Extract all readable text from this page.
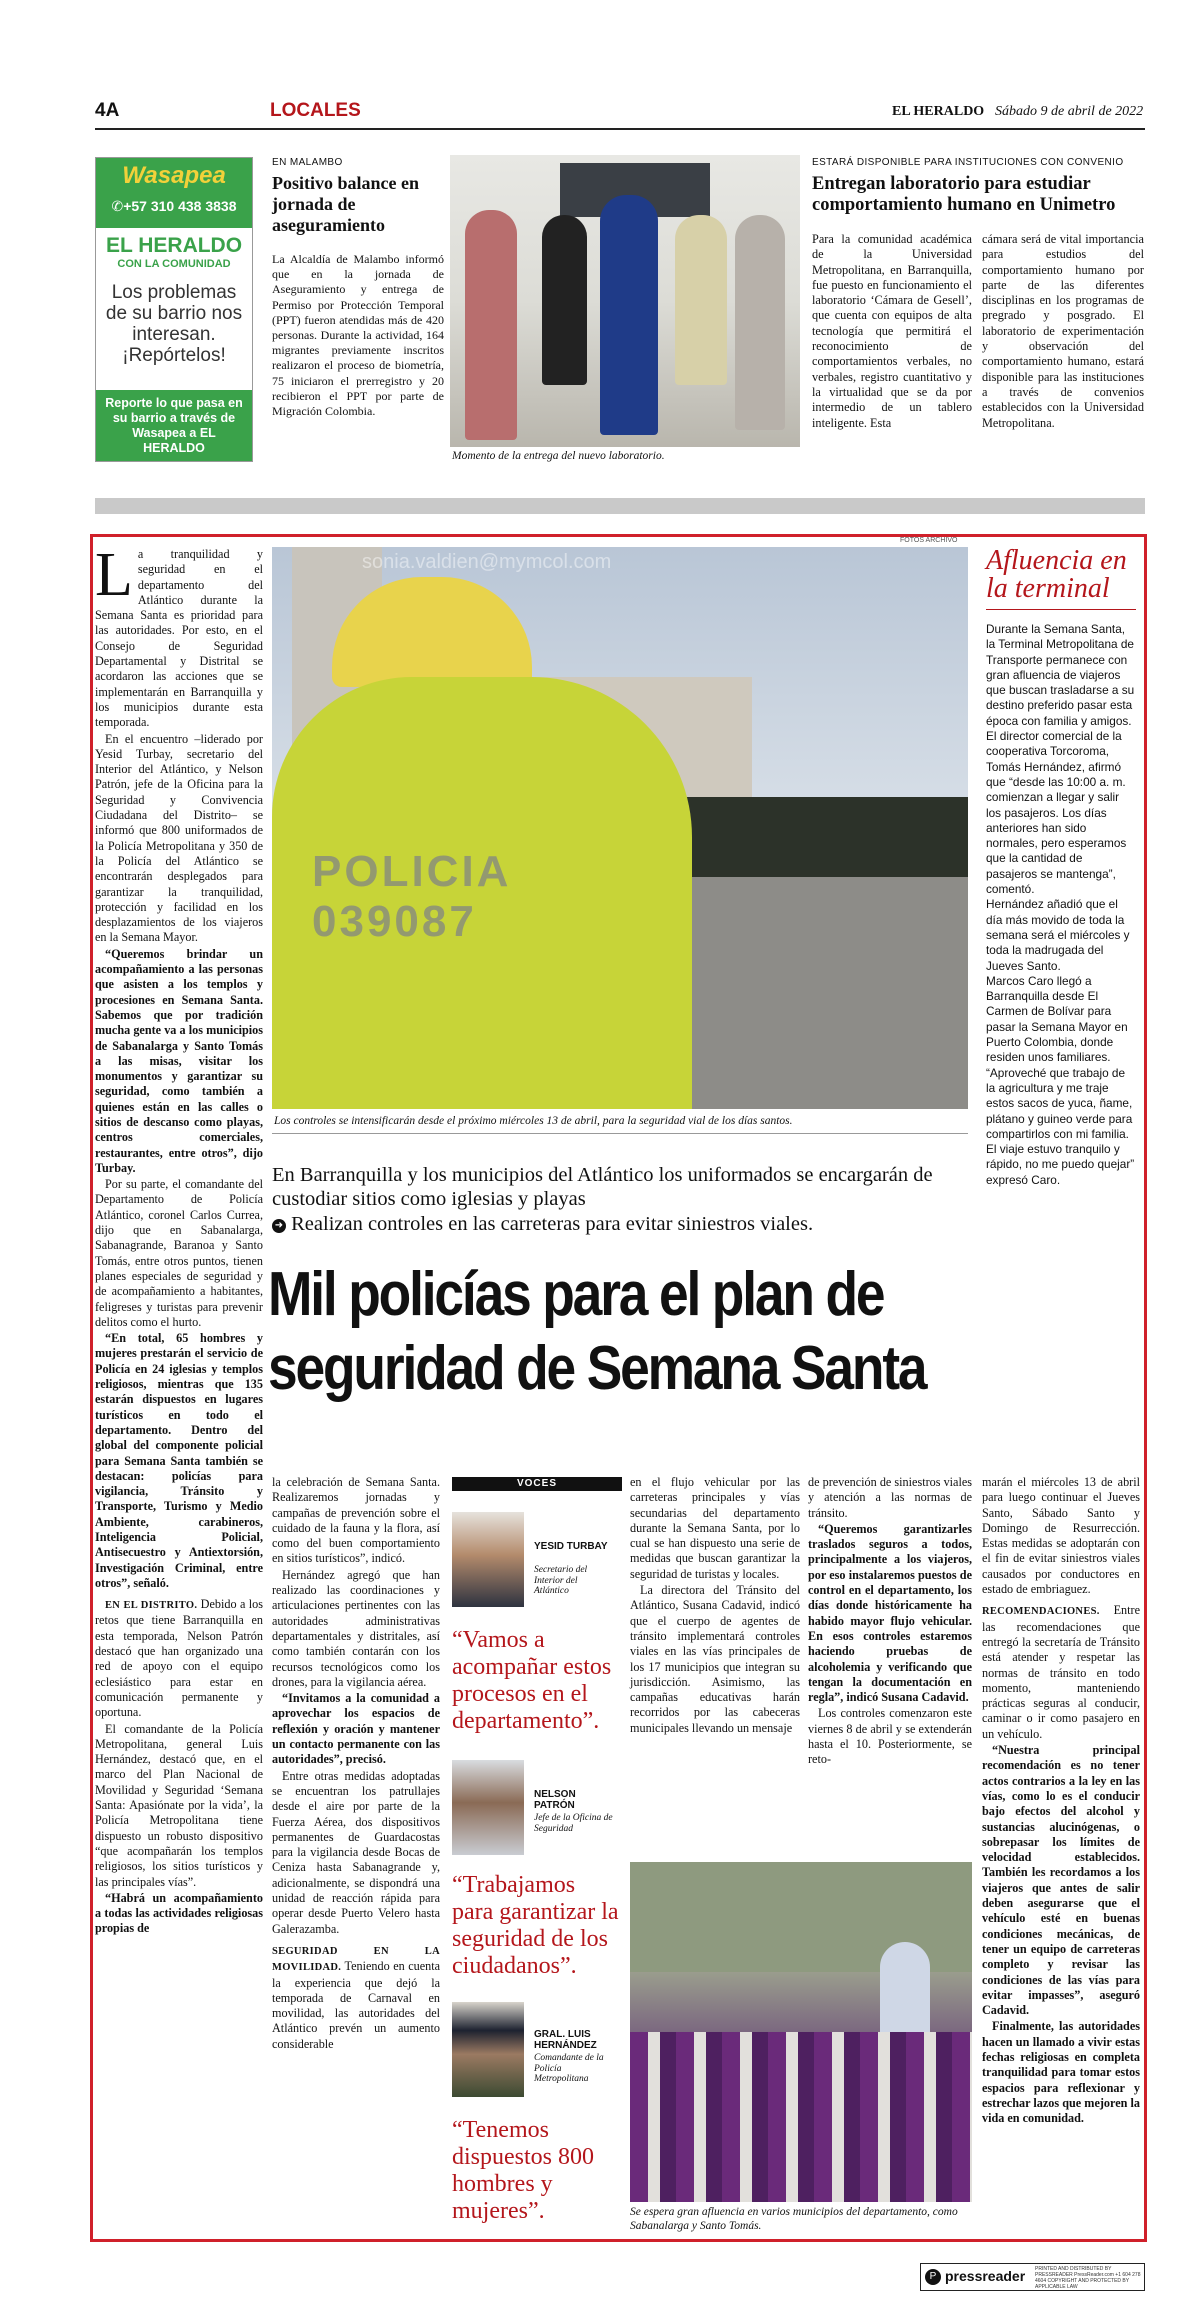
4A	LOCALES	EL HERALDO Sábado 9 de abril de 2022
Wasapea
✆+57 310 438 3838
EL HERALDO
CON LA COMUNIDAD
Los problemas de su barrio nos interesan. ¡Repórtelos!
Reporte lo que pasa en su barrio a través de Wasapea a EL HERALDO
EN MALAMBO
Positivo balance en jornada de aseguramiento
La Alcaldía de Malambo informó que en la jornada de Aseguramiento y entrega de Permiso por Protección Temporal (PPT) fueron atendidas más de 420 personas. Durante la actividad, 164 migrantes previamente inscritos realizaron el proceso de biometría, 75 iniciaron el prerregistro y 20 recibieron el PPT por parte de Migración Colombia.
Momento de la entrega del nuevo laboratorio.
ESTARÁ DISPONIBLE PARA INSTITUCIONES CON CONVENIO
Entregan laboratorio para estudiar comportamiento humano en Unimetro
Para la comunidad académica de la Universidad Metropolitana, en Barranquilla, fue puesto en funcionamiento el laboratorio ‘Cámara de Gesell’, que cuenta con equipos de alta tecnología que permitirá el reconocimiento de comportamientos verbales, no verbales, registro cuantitativo y la virtualidad que se da por intermedio de un tablero inteligente. Esta
cámara será de vital importancia para estudios del comportamiento humano por parte de las diferentes disciplinas en los programas de pregrado y posgrado. El laboratorio de experimentación y observación del comportamiento humano, estará disponible para las instituciones a través de convenios establecidos con la Universidad Metropolitana.
POLICIA 039087
sonia.valdien@mymcol.com
FOTOS ARCHIVO
Los controles se intensificarán desde el próximo miércoles 13 de abril, para la seguridad vial de los días santos.
En Barranquilla y los municipios del Atlántico los uniformados se encargarán de custodiar sitios como iglesias y playas
➜ Realizan controles en las carreteras para evitar siniestros viales.
Mil policías para el plan de
seguridad de Semana Santa
L a tranquilidad y seguridad en el departamento del Atlántico durante la Semana Santa es prioridad para las autoridades. Por esto, en el Consejo de Seguridad Departamental y Distrital se acordaron las acciones que se implementarán en Barranquilla y los municipios durante esta temporada.

En el encuentro –liderado por Yesid Turbay, secretario del Interior del Atlántico, y Nelson Patrón, jefe de la Oficina para la Seguridad y Convivencia Ciudadana del Distrito– se informó que 800 uniformados de la Policía Metropolitana y 350 de la Policía del Atlántico se encontrarán desplegados para garantizar la tranquilidad, protección y facilidad en los desplazamientos de los viajeros en la Semana Mayor.

“Queremos brindar un acompañamiento a las personas que asisten a los templos y procesiones en Semana Santa. Sabemos que por tradición mucha gente va a los municipios de Sabanalarga y Santo Tomás a las misas, visitar los monumentos y garantizar su seguridad, como también a quienes están en las calles o sitios de descanso como playas, centros comerciales, restaurantes, entre otros”, dijo Turbay.

Por su parte, el comandante del Departamento de Policía Atlántico, coronel Carlos Currea, dijo que en Sabanalarga, Sabanagrande, Baranoa y Santo Tomás, entre otros puntos, tienen planes especiales de seguridad y de acompañamiento a habitantes, feligreses y turistas para prevenir delitos como el hurto.

“En total, 65 hombres y mujeres prestarán el servicio de Policía en 24 iglesias y templos religiosos, mientras que 135 estarán dispuestos en lugares turísticos en todo el departamento. Dentro del global del componente policial para Semana Santa también se destacan: policías para vigilancia, Tránsito y Transporte, Turismo y Medio Ambiente, carabineros, Inteligencia Policial, Antisecuestro y Antiextorsión, Investigación Criminal, entre otros”, señaló.

EN EL DISTRITO. Debido a los retos que tiene Barranquilla en esta temporada, Nelson Patrón destacó que han organizado una red de apoyo con el equipo eclesiástico para estar en comunicación permanente y oportuna.

El comandante de la Policía Metropolitana, general Luis Hernández, destacó que, en el marco del Plan Nacional de Movilidad y Seguridad ‘Semana Santa: Apasiónate por la vida’, la Policía Metropolitana tiene dispuesto un robusto dispositivo “que acompañarán los templos religiosos, los sitios turísticos y las principales vías”.

“Habrá un acompañamiento a todas las actividades religiosas propias de

Afluencia en la terminal

Durante la Semana Santa, la Terminal Metropolitana de Transporte permanece con gran afluencia de viajeros que buscan trasladarse a su destino preferido pasar esta época con familia y amigos.

El director comercial de la cooperativa Torcoroma, Tomás Hernández, afirmó que “desde las 10:00 a. m. comienzan a llegar y salir los pasajeros. Los días anteriores han sido normales, pero esperamos que la cantidad de pasajeros se mantenga”, comentó.

Hernández añadió que el día más movido de toda la semana será el miércoles y toda la madrugada del Jueves Santo.

Marcos Caro llegó a Barranquilla desde El Carmen de Bolívar para pasar la Semana Mayor en Puerto Colombia, donde residen unos familiares.

“Aproveché que trabajo de la agricultura y me traje estos sacos de yuca, ñame, plátano y guineo verde para compartirlos con mi familia. El viaje estuvo tranquilo y rápido, no me puedo quejar” expresó Caro.

la celebración de Semana Santa. Realizaremos jornadas y campañas de prevención sobre el cuidado de la fauna y la flora, así como del buen comportamiento en sitios turísticos”, indicó.

Hernández agregó que han realizado las coordinaciones y articulaciones pertinentes con las autoridades administrativas departamentales y distritales, así como también contarán con los recursos tecnológicos como los drones, para la vigilancia aérea.

“Invitamos a la comunidad a aprovechar los espacios de reflexión y oración y mantener un contacto permanente con las autoridades”, precisó.

Entre otras medidas adoptadas se encuentran los patrullajes desde el aire por parte de la Fuerza Aérea, dos dispositivos permanentes de Guardacostas para la vigilancia desde Bocas de Ceniza hasta Sabanagrande y, adicionalmente, se dispondrá una unidad de reacción rápida para operar desde Puerto Velero hasta Galerazamba.

SEGURIDAD EN LA MOVILIDAD. Teniendo en cuenta la experiencia que dejó la temporada de Carnaval en movilidad, las autoridades del Atlántico prevén un aumento considerable

VOCES
YESID TURBAY
Secretario del Interior del Atlántico
“Vamos a acompañar estos procesos en el departamento”.
NELSON PATRÓN
Jefe de la Oficina de Seguridad
“Trabajamos para garantizar la seguridad de los ciudadanos”.
GRAL. LUIS HERNÁNDEZ
Comandante de la Policía Metropolitana
“Tenemos dispuestos 800 hombres y mujeres”.

en el flujo vehicular por las carreteras principales y vías secundarias del departamento durante la Semana Santa, por lo cual se han dispuesto una serie de medidas que buscan garantizar la seguridad de turistas y locales.

La directora del Tránsito del Atlántico, Susana Cadavid, indicó que el cuerpo de agentes de tránsito implementará controles viales en las vías principales de los 17 municipios que integran su jurisdicción. Asimismo, las campañas educativas harán recorridos por las cabeceras municipales llevando un mensaje

de prevención de siniestros viales y atención a las normas de tránsito.

“Queremos garantizarles traslados seguros a todos, principalmente a los viajeros, por eso instalaremos puestos de control en el departamento, los días donde históricamente ha habido mayor flujo vehicular. En esos controles estaremos haciendo pruebas de alcoholemia y verificando que tengan la documentación en regla”, indicó Susana Cadavid.

Los controles comenzaron este viernes 8 de abril y se extenderán hasta el 10. Posteriormente, se reto-

Se espera gran afluencia en varios municipios del departamento, como Sabanalarga y Santo Tomás.

marán el miércoles 13 de abril para luego continuar el Jueves Santo, Sábado Santo y Domingo de Resurrección. Estas medidas se adoptarán con el fin de evitar siniestros viales causados por conductores en estado de embriaguez.

RECOMENDACIONES. Entre las recomendaciones que entregó la secretaría de Tránsito está atender y respetar las normas de tránsito en todo momento, manteniendo prácticas seguras al conducir, caminar o ir como pasajero en un vehículo.

“Nuestra principal recomendación es no tener actos contrarios a la ley en las vías, como lo es el conducir bajo efectos del alcohol y sustancias alucinógenas, o sobrepasar los límites de velocidad establecidos. También les recordamos a los viajeros que antes de salir deben asegurarse que el vehículo esté en buenas condiciones mecánicas, de tener un equipo de carreteras completo y revisar las condiciones de las vías para evitar impasses”, aseguró Cadavid.

Finalmente, las autoridades hacen un llamado a vivir estas fechas religiosas en completa tranquilidad para tomar estos espacios para reflexionar y estrechar lazos que mejoren la vida en comunidad.

P pressreader PRINTED AND DISTRIBUTED BY PRESSREADER PressReader.com +1 604 278 4604 COPYRIGHT AND PROTECTED BY APPLICABLE LAW
